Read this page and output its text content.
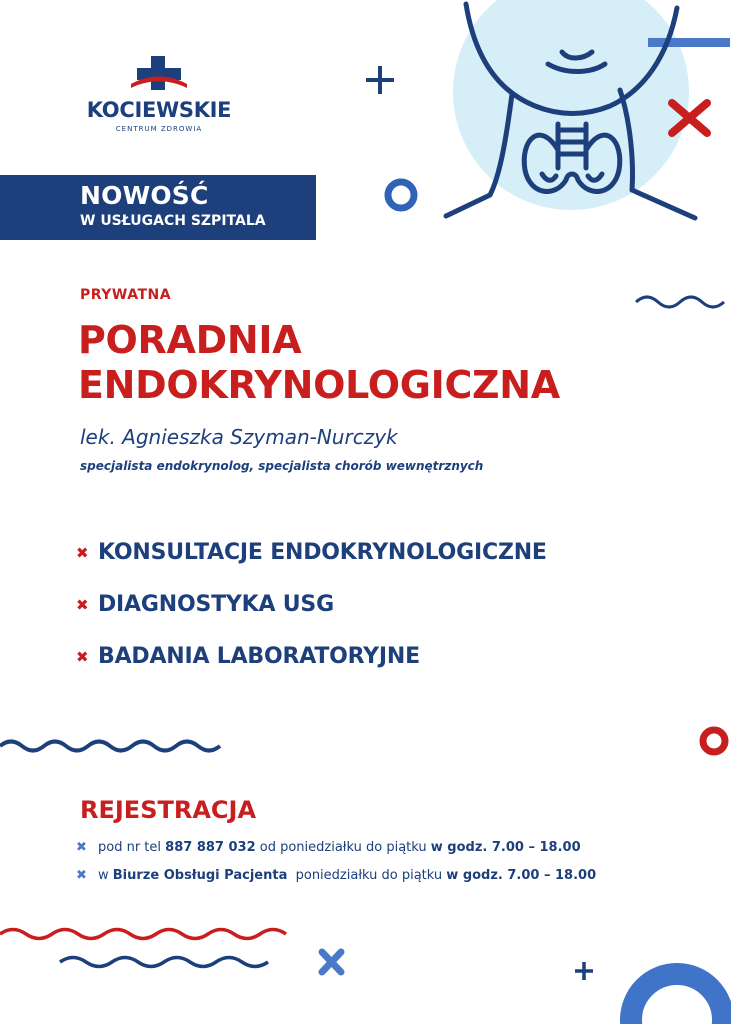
KOCIEWSKIE
CENTRUM ZDROWIA
NOWOŚĆ
W USŁUGACH SZPITALA
PRYWATNA
PORADNIA
ENDOKRYNOLOGICZNA
lek. Agnieszka Szyman-Nurczyk
specjalista endokrynolog, specjalista chorób wewnętrznych
✖ KONSULTACJE ENDOKRYNOLOGICZNE
✖ DIAGNOSTYKA USG
✖ BADANIA LABORATORYJNE
REJESTRACJA
✖ pod nr tel 887 887 032 od poniedziałku do piątku w godz. 7.00 – 18.00
✖ w Biurze Obsługi Pacjenta poniedziałku do piątku w godz. 7.00 – 18.00
